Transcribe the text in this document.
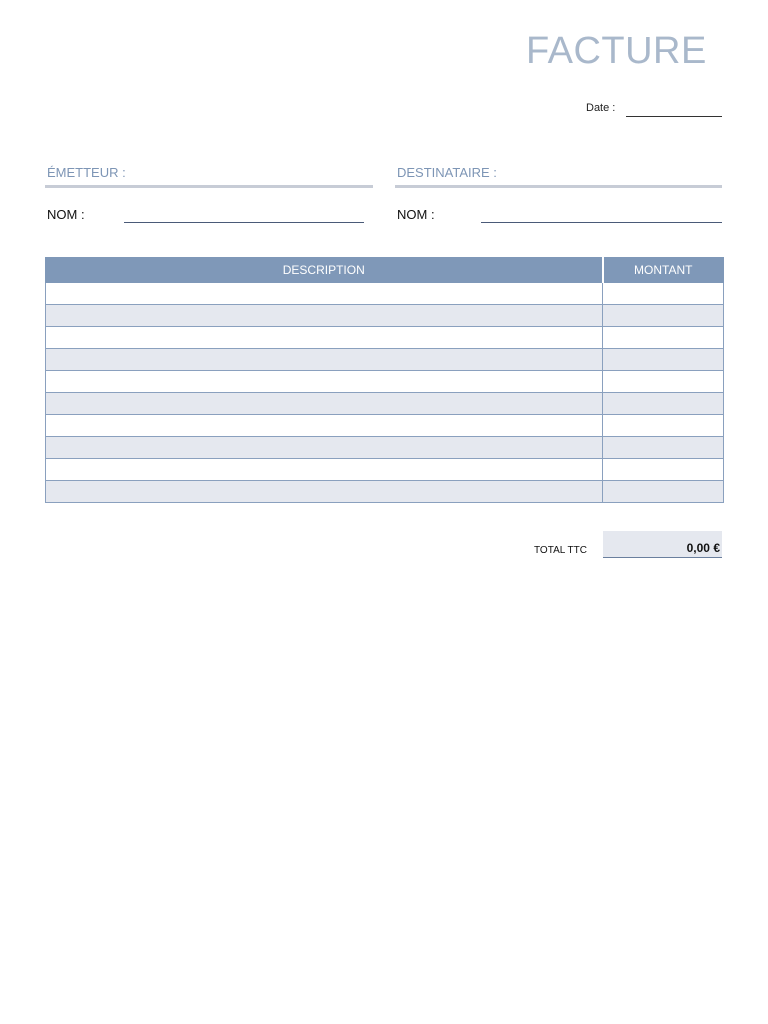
FACTURE
Date :
ÉMETTEUR :
NOM :
DESTINATAIRE :
NOM :
DESCRIPTION	MONTANT

TOTAL TTC	0,00 €
